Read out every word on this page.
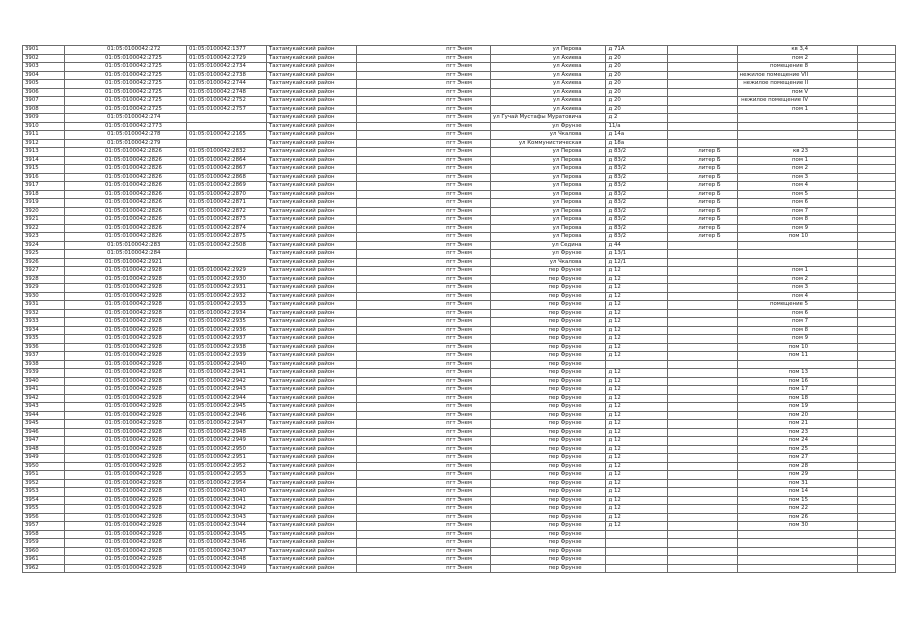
3901	01:05:0100042:272	01:05:0100042:1377	Тахтамукайский район	пгт Энем	ул Перова	д 71А		кв 3,4	
3902	01:05:0100042:2725	01:05:0100042:2729	Тахтамукайский район	пгт Энем	ул Ахиева	д 20		пом 2	
3903	01:05:0100042:2725	01:05:0100042:2734	Тахтамукайский район	пгт Энем	ул Ахиева	д 20		помещение 8	
3904	01:05:0100042:2725	01:05:0100042:2738	Тахтамукайский район	пгт Энем	ул Ахиева	д 20		нежилое помещение VII	
3905	01:05:0100042:2725	01:05:0100042:2744	Тахтамукайский район	пгт Энем	ул Ахиева	д 20		нежилое помещение II	
3906	01:05:0100042:2725	01:05:0100042:2748	Тахтамукайский район	пгт Энем	ул Ахиева	д 20		пом V	
3907	01:05:0100042:2725	01:05:0100042:2752	Тахтамукайский район	пгт Энем	ул Ахиева	д 20		нежилое помещение IV	
3908	01:05:0100042:2725	01:05:0100042:2757	Тахтамукайский район	пгт Энем	ул Ахиева	д 20		пом 1	
3909	01:05:0100042:274		Тахтамукайский район	пгт Энем	ул Гучай Мустафы Муратовича	д 2			
3910	01:05:0100042:2773		Тахтамукайский район	пгт Энем	ул Фрунзе	11/а			
3911	01:05:0100042:278	01:05:0100042:2165	Тахтамукайский район	пгт Энем	ул Чкалова	д 14а			
3912	01:05:0100042:279		Тахтамукайский район	пгт Энем	ул Коммунистическая	д 18а			
3913	01:05:0100042:2826	01:05:0100042:2832	Тахтамукайский район	пгт Энем	ул Перова	д 83/2	литер Б	кв 23	
3914	01:05:0100042:2826	01:05:0100042:2864	Тахтамукайский район	пгт Энем	ул Перова	д 83/2	литер Б	пом 1	
3915	01:05:0100042:2826	01:05:0100042:2867	Тахтамукайский район	пгт Энем	ул Перова	д 83/2	литер Б	пом 2	
3916	01:05:0100042:2826	01:05:0100042:2868	Тахтамукайский район	пгт Энем	ул Перова	д 83/2	литер Б	пом 3	
3917	01:05:0100042:2826	01:05:0100042:2869	Тахтамукайский район	пгт Энем	ул Перова	д 83/2	литер Б	пом 4	
3918	01:05:0100042:2826	01:05:0100042:2870	Тахтамукайский район	пгт Энем	ул Перова	д 83/2	литер Б	пом 5	
3919	01:05:0100042:2826	01:05:0100042:2871	Тахтамукайский район	пгт Энем	ул Перова	д 83/2	литер Б	пом 6	
3920	01:05:0100042:2826	01:05:0100042:2872	Тахтамукайский район	пгт Энем	ул Перова	д 83/2	литер Б	пом 7	
3921	01:05:0100042:2826	01:05:0100042:2873	Тахтамукайский район	пгт Энем	ул Перова	д 83/2	литер Б	пом 8	
3922	01:05:0100042:2826	01:05:0100042:2874	Тахтамукайский район	пгт Энем	ул Перова	д 83/2	литер Б	пом 9	
3923	01:05:0100042:2826	01:05:0100042:2875	Тахтамукайский район	пгт Энем	ул Перова	д 83/2	литер Б	пом 10	
3924	01:05:0100042:283	01:05:0100042:2508	Тахтамукайский район	пгт Энем	ул Седина	д 44			
3925	01:05:0100042:284		Тахтамукайский район	пгт Энем	ул Фрунзе	д 13/1			
3926	01:05:0100042:2921		Тахтамукайский район	пгт Энем	ул Чкалова	д 12/1			
3927	01:05:0100042:2928	01:05:0100042:2929	Тахтамукайский район	пгт Энем	пер Фрунзе	д 12		пом 1	
3928	01:05:0100042:2928	01:05:0100042:2930	Тахтамукайский район	пгт Энем	пер Фрунзе	д 12		пом 2	
3929	01:05:0100042:2928	01:05:0100042:2931	Тахтамукайский район	пгт Энем	пер Фрунзе	д 12		пом 3	
3930	01:05:0100042:2928	01:05:0100042:2932	Тахтамукайский район	пгт Энем	пер Фрунзе	д 12		пом 4	
3931	01:05:0100042:2928	01:05:0100042:2933	Тахтамукайский район	пгт Энем	пер Фрунзе	д 12		помещение 5	
3932	01:05:0100042:2928	01:05:0100042:2934	Тахтамукайский район	пгт Энем	пер Фрунзе	д 12		пом 6	
3933	01:05:0100042:2928	01:05:0100042:2935	Тахтамукайский район	пгт Энем	пер Фрунзе	д 12		пом 7	
3934	01:05:0100042:2928	01:05:0100042:2936	Тахтамукайский район	пгт Энем	пер Фрунзе	д 12		пом 8	
3935	01:05:0100042:2928	01:05:0100042:2937	Тахтамукайский район	пгт Энем	пер Фрунзе	д 12		пом 9	
3936	01:05:0100042:2928	01:05:0100042:2938	Тахтамукайский район	пгт Энем	пер Фрунзе	д 12		пом 10	
3937	01:05:0100042:2928	01:05:0100042:2939	Тахтамукайский район	пгт Энем	пер Фрунзе	д 12		пом 11	
3938	01:05:0100042:2928	01:05:0100042:2940	Тахтамукайский район	пгт Энем	пер Фрунзе				
3939	01:05:0100042:2928	01:05:0100042:2941	Тахтамукайский район	пгт Энем	пер Фрунзе	д 12		пом 13	
3940	01:05:0100042:2928	01:05:0100042:2942	Тахтамукайский район	пгт Энем	пер Фрунзе	д 12		пом 16	
3941	01:05:0100042:2928	01:05:0100042:2943	Тахтамукайский район	пгт Энем	пер Фрунзе	д 12		пом 17	
3942	01:05:0100042:2928	01:05:0100042:2944	Тахтамукайский район	пгт Энем	пер Фрунзе	д 12		пом 18	
3943	01:05:0100042:2928	01:05:0100042:2945	Тахтамукайский район	пгт Энем	пер Фрунзе	д 12		пом 19	
3944	01:05:0100042:2928	01:05:0100042:2946	Тахтамукайский район	пгт Энем	пер Фрунзе	д 12		пом 20	
3945	01:05:0100042:2928	01:05:0100042:2947	Тахтамукайский район	пгт Энем	пер Фрунзе	д 12		пом 21	
3946	01:05:0100042:2928	01:05:0100042:2948	Тахтамукайский район	пгт Энем	пер Фрунзе	д 12		пом 23	
3947	01:05:0100042:2928	01:05:0100042:2949	Тахтамукайский район	пгт Энем	пер Фрунзе	д 12		пом 24	
3948	01:05:0100042:2928	01:05:0100042:2950	Тахтамукайский район	пгт Энем	пер Фрунзе	д 12		пом 25	
3949	01:05:0100042:2928	01:05:0100042:2951	Тахтамукайский район	пгт Энем	пер Фрунзе	д 12		пом 27	
3950	01:05:0100042:2928	01:05:0100042:2952	Тахтамукайский район	пгт Энем	пер Фрунзе	д 12		пом 28	
3951	01:05:0100042:2928	01:05:0100042:2953	Тахтамукайский район	пгт Энем	пер Фрунзе	д 12		пом 29	
3952	01:05:0100042:2928	01:05:0100042:2954	Тахтамукайский район	пгт Энем	пер Фрунзе	д 12		пом 31	
3953	01:05:0100042:2928	01:05:0100042:3040	Тахтамукайский район	пгт Энем	пер Фрунзе	д 12		пом 14	
3954	01:05:0100042:2928	01:05:0100042:3041	Тахтамукайский район	пгт Энем	пер Фрунзе	д 12		пом 15	
3955	01:05:0100042:2928	01:05:0100042:3042	Тахтамукайский район	пгт Энем	пер Фрунзе	д 12		пом 22	
3956	01:05:0100042:2928	01:05:0100042:3043	Тахтамукайский район	пгт Энем	пер Фрунзе	д 12		пом 26	
3957	01:05:0100042:2928	01:05:0100042:3044	Тахтамукайский район	пгт Энем	пер Фрунзе	д 12		пом 30	
3958	01:05:0100042:2928	01:05:0100042:3045	Тахтамукайский район	пгт Энем	пер Фрунзе				
3959	01:05:0100042:2928	01:05:0100042:3046	Тахтамукайский район	пгт Энем	пер Фрунзе				
3960	01:05:0100042:2928	01:05:0100042:3047	Тахтамукайский район	пгт Энем	пер Фрунзе				
3961	01:05:0100042:2928	01:05:0100042:3048	Тахтамукайский район	пгт Энем	пер Фрунзе				
3962	01:05:0100042:2928	01:05:0100042:3049	Тахтамукайский район	пгт Энем	пер Фрунзе				
